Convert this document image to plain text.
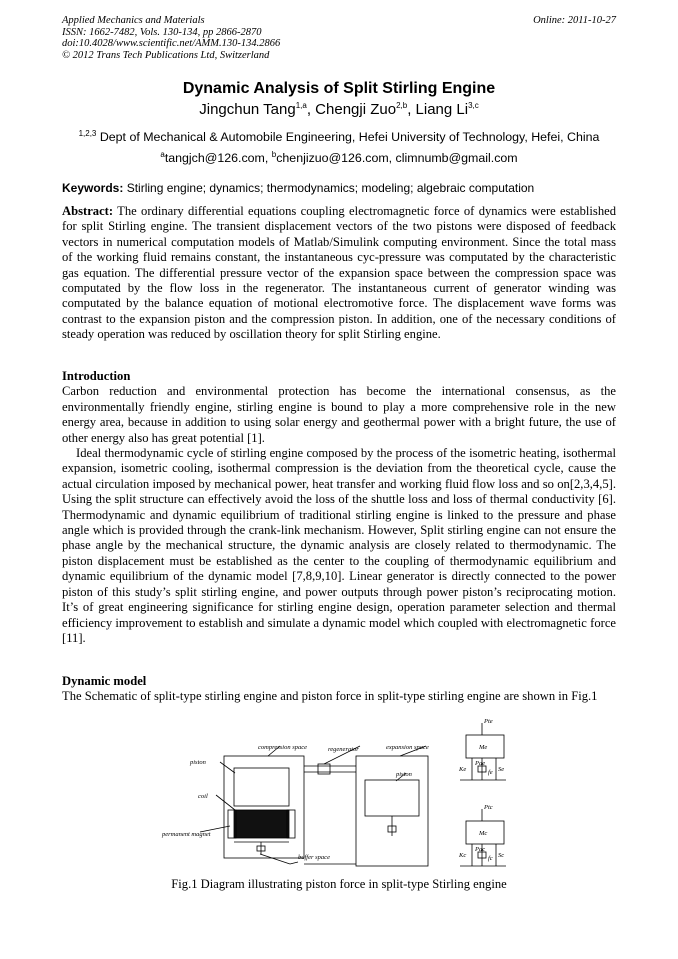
Applied Mechanics and Materials
ISSN: 1662-7482, Vols. 130-134, pp 2866-2870
doi:10.4028/www.scientific.net/AMM.130-134.2866
© 2012 Trans Tech Publications Ltd, Switzerland
Online: 2011-10-27
Dynamic Analysis of Split Stirling Engine
Jingchun Tang$^{1,a}$, Chengji Zuo$^{2,b}$, Liang Li$^{3,c}$
$^{1,2,3}$ Dept of Mechanical & Automobile Engineering, Hefei University of Technology, Hefei, China
$^a$tangjch@126.com, $^b$chenjizuo@126.com, climnumb@gmail.com
Keywords: Stirling engine; dynamics; thermodynamics; modeling; algebraic computation

Abstract: The ordinary differential equations coupling electromagnetic force of dynamics were established for split Stirling engine. The transient displacement vectors of the two pistons were disposed of feedback vectors in numerical computation models of Matlab/Simulink computing environment. Since the total mass of the working fluid remains constant, the instantaneous cyc-pressure was computated by the characteristic gas equation. The differential pressure vector of the expansion space between the compression space was computated by the flow loss in the regenerator. The instantaneous current of generator winding was computated by the balance equation of motional electromotive force. The displacement wave forms was contrast to the expansion piston and the compression piston. In addition, one of the necessary conditions of steady operation was reduced by oscillation theory for split Stirling engine.

Introduction

Carbon reduction and environmental protection has become the international consensus, as the environmentally friendly engine, stirling engine is bound to play a more comprehensive role in the new energy area, because in addition to using solar energy and geothermal power with a bright future, the use of other energy also has great potential [1].

Ideal thermodynamic cycle of stirling engine composed by the process of the isometric heating, isothermal expansion, isometric cooling, isothermal compression is the deviation from the theoretical cycle, cause the actual circulation imposed by mechanical power, heat transfer and working fluid flow loss and so on[2,3,4,5]. Using the split structure can effectively avoid the loss of the shuttle loss and loss of thermal conductivity [6]. Thermodynamic and dynamic equilibrium of traditional stirling engine is linked to the pressure and phase angle which is provided through the crank-link mechanism. However, Split stirling engine can not ensure the phase angle by the mechanical structure, the dynamic analysis are closely related to thermodynamic. The piston displacement must be established as the center to the coupling of thermodynamic equilibrium and dynamic equilibrium of the dynamic model [7,8,9,10]. Linear generator is directly connected to the power piston of this study’s split stirling engine, and power outputs through power piston’s reciprocating motion. It’s of great engineering significance for stirling engine design, operation parameter selection and thermal efficiency improvement to establish and simulate a dynamic model which coupled with electromagnetic force [11].

Dynamic model

The Schematic of split-type stirling engine and piston force in split-type stirling engine are shown in Fig.1

compression space	regenerator	expansion space
piston
piston
coil
permanent magnet
buffer space
Pte
Me
Ke
Pae
fe Se
Ptc
Mc
Kc
Pac
fc Sc
Fig.1 Diagram illustrating piston force in split-type Stirling engine
